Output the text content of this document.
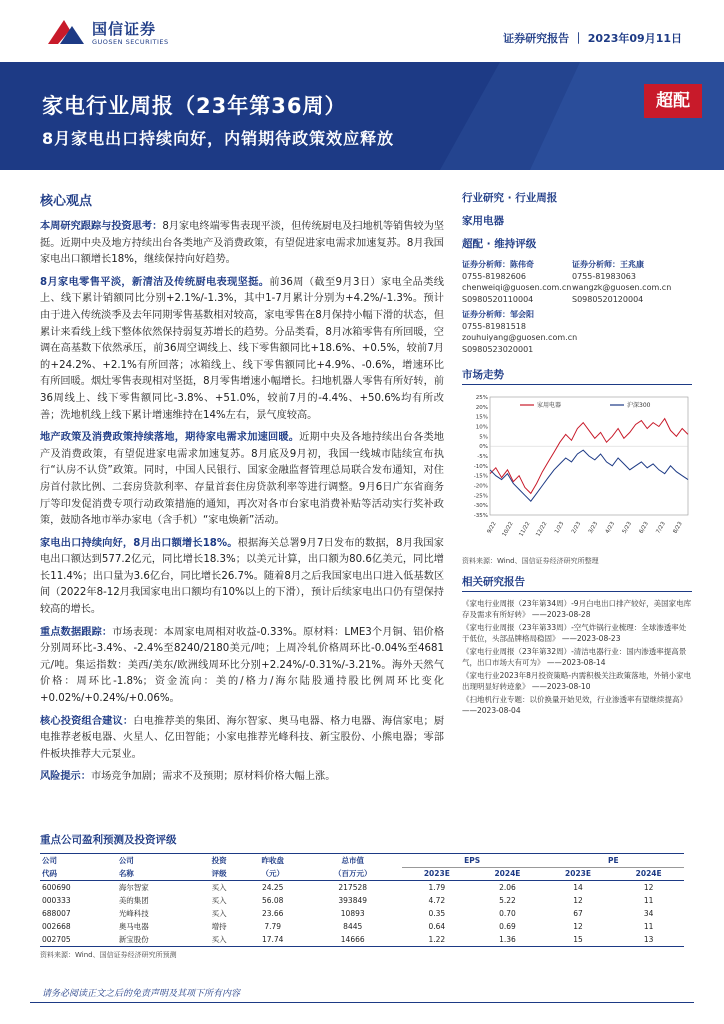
国信证券
GUOSEN SECURITIES	证券研究报告 ｜ 2023年09月11日
家电行业周报（23年第36周）
8月家电出口持续向好，内销期待政策效应释放
超配
核心观点

本周研究跟踪与投资思考：8月家电终端零售表现平淡，但传统厨电及扫地机等销售较为坚挺。近期中央及地方持续出台各类地产及消费政策，有望促进家电需求加速复苏。8月我国家电出口额增长18%，继续保持向好趋势。

8月家电零售平淡，新清洁及传统厨电表现坚挺。前36周（截至9月3日）家电全品类线上、线下累计销额同比分别+2.1%/-1.3%，其中1-7月累计分别为+4.2%/-1.3%。预计由于进入传统淡季及去年同期零售基数相对较高，家电零售在8月保持小幅下滑的状态，但累计来看线上线下整体依然保持弱复苏增长的趋势。分品类看，8月冰箱零售有所回暖，空调在高基数下依然承压，前36周空调线上、线下零售额同比+18.6%、+0.5%，较前7月的+24.2%、+2.1%有所回落；冰箱线上、线下零售额同比+4.9%、-0.6%，增速环比有所回暖。烟灶零售表现相对坚挺，8月零售增速小幅增长。扫地机器人零售有所好转，前36周线上、线下零售额同比-3.8%、+51.0%，较前7月的-4.4%、+50.6%均有所改善；洗地机线上线下累计增速维持在14%左右，景气度较高。

地产政策及消费政策持续落地，期待家电需求加速回暖。近期中央及各地持续出台各类地产及消费政策，有望促进家电需求加速复苏。8月底及9月初，我国一线城市陆续宣布执行“认房不认贷”政策。同时，中国人民银行、国家金融监督管理总局联合发布通知，对住房首付款比例、二套房贷款利率、存量首套住房贷款利率等进行调整。9月6日广东省商务厅等印发促消费专项行动政策措施的通知，再次对各市台家电消费补贴等活动实行奖补政策，鼓励各地市举办家电（含手机）“家电焕新”活动。

家电出口持续向好，8月出口额增长18%。根据海关总署9月7日发布的数据，8月我国家电出口额达到577.2亿元，同比增长18.3%；以美元计算，出口额为80.6亿美元，同比增长11.4%；出口量为3.6亿台，同比增长26.7%。随着8月之后我国家电出口进入低基数区间（2022年8-12月我国家电出口额均有10%以上的下滑），预计后续家电出口仍有望保持较高的增长。

重点数据跟踪：市场表现：本周家电周相对收益-0.33%。原材料：LME3个月铜、铝价格分别周环比-3.4%、-2.4%至8240/2180美元/吨；上周冷轧价格周环比-0.04%至4681元/吨。集运指数：美西/美东/欧洲线周环比分别+2.24%/-0.31%/-3.21%。海外天然气价格：周环比-1.8%；资金流向：美的/格力/海尔陆股通持股比例周环比变化+0.02%/+0.24%/+0.06%。

核心投资组合建议：白电推荐美的集团、海尔智家、奥马电器、格力电器、海信家电；厨电推荐老板电器、火星人、亿田智能；小家电推荐光峰科技、新宝股份、小熊电器；零部件板块推荐大元泵业。

风险提示：市场竞争加剧；需求不及预期；原材料价格大幅上涨。

行业研究 · 行业周报
家用电器
超配 · 维持评级
证券分析师：陈伟奇
0755-81982606
chenweiqi@guosen.com.cn
S0980520110004
证券分析师：王兆康
0755-81983063
wangzk@guosen.com.cn
S0980520120004
证券分析师：邹会阳
0755-81981518
zouhuiyang@guosen.com.cn
S0980523020001
市场走势
-35%
-30%
-25%
-20%
-15%
-10%
-5%
0%
5%
10%
15%
20%
25%
9/22 10/22 11/22 12/22 1/23 2/23 3/23 4/23 5/23 6/23 7/23 8/23
家用电器	沪深300
资料来源：Wind、国信证券经济研究所整理
相关研究报告
《家电行业周报（23年第34周）-9月白电出口排产较好，美国家电库存及需求有所好转》 ——2023-08-28
《家电行业周报（23年第33周）-空气炸锅行业梳理：全球渗透率处于低位，头部品牌格局稳固》 ——2023-08-23
《家电行业周报（23年第32周）-清洁电器行业：国内渗透率提高景气，出口市场大有可为》 ——2023-08-14
《家电行业2023年8月投资策略-内需积极关注政策落地，外销小家电出现明显好转迹象》 ——2023-08-10
《扫地机行业专题：以价换量开始见效，行业渗透率有望继续提高》 ——2023-08-04
重点公司盈利预测及投资评级
公司	公司	投资	昨收盘	总市值	EPS		PE	
代码	名称	评级	（元）	（百万元）	2023E	2024E	2023E	2024E
600690	海尔智家	买入	24.25	217528	1.79	2.06	14	12
000333	美的集团	买入	56.08	393849	4.72	5.22	12	11
688007	光峰科技	买入	23.66	10893	0.35	0.70	67	34
002668	奥马电器	增持	7.79	8445	0.64	0.69	12	11
002705	新宝股份	买入	17.74	14666	1.22	1.36	15	13
资料来源：Wind、国信证券经济研究所预测
请务必阅读正文之后的免责声明及其项下所有内容
